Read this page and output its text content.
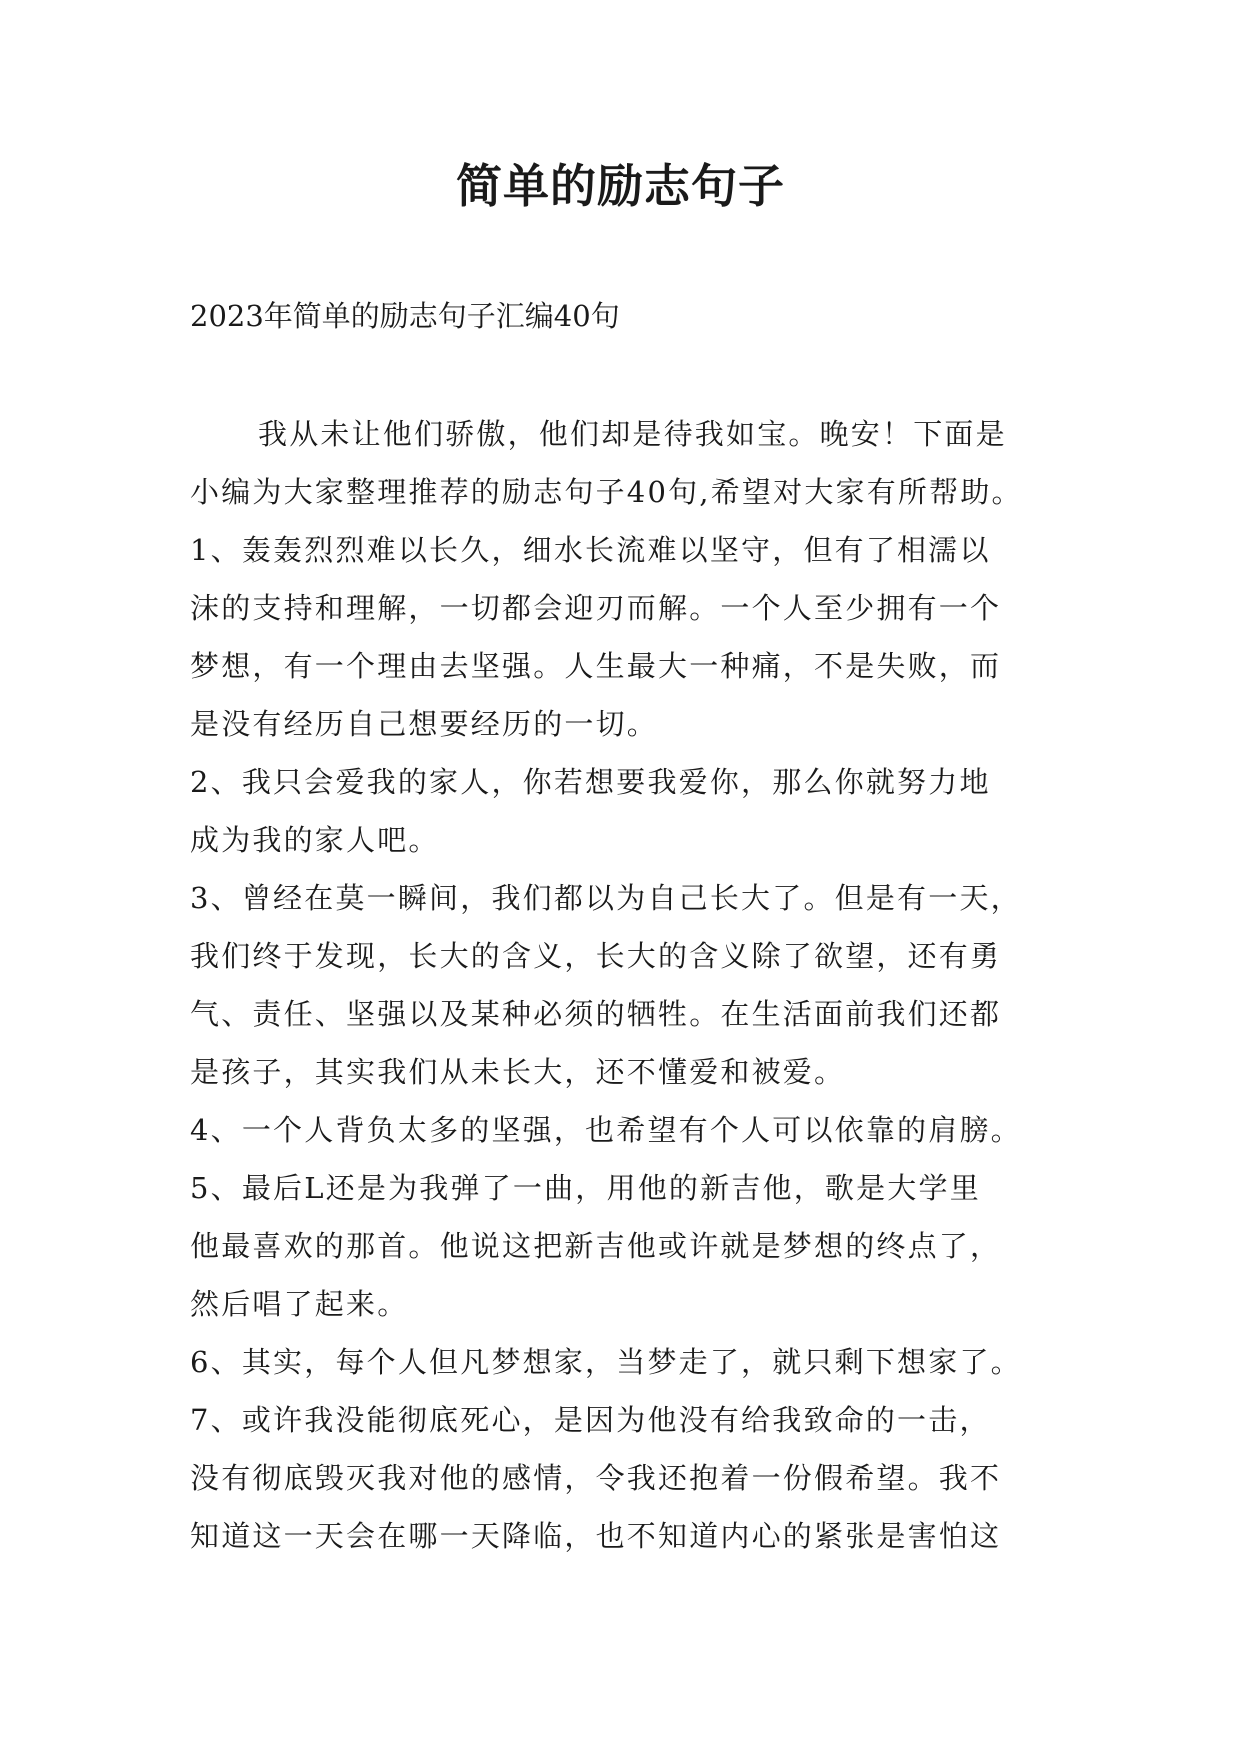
简单的励志句子
2023年简单的励志句子汇编40句
我从未让他们骄傲，他们却是待我如宝。晚安！下面是
小编为大家整理推荐的励志句子40句,希望对大家有所帮助。
1、轰轰烈烈难以长久，细水长流难以坚守，但有了相濡以
沫的支持和理解，一切都会迎刃而解。一个人至少拥有一个
梦想，有一个理由去坚强。人生最大一种痛，不是失败，而
是没有经历自己想要经历的一切。
2、我只会爱我的家人，你若想要我爱你，那么你就努力地
成为我的家人吧。
3、曾经在莫一瞬间，我们都以为自己长大了。但是有一天，
我们终于发现，长大的含义，长大的含义除了欲望，还有勇
气、责任、坚强以及某种必须的牺牲。在生活面前我们还都
是孩子，其实我们从未长大，还不懂爱和被爱。
4、一个人背负太多的坚强，也希望有个人可以依靠的肩膀。
5、最后L还是为我弹了一曲，用他的新吉他，歌是大学里
他最喜欢的那首。他说这把新吉他或许就是梦想的终点了，
然后唱了起来。
6、其实，每个人但凡梦想家，当梦走了，就只剩下想家了。
7、或许我没能彻底死心，是因为他没有给我致命的一击，
没有彻底毁灭我对他的感情，令我还抱着一份假希望。我不
知道这一天会在哪一天降临，也不知道内心的紧张是害怕这
